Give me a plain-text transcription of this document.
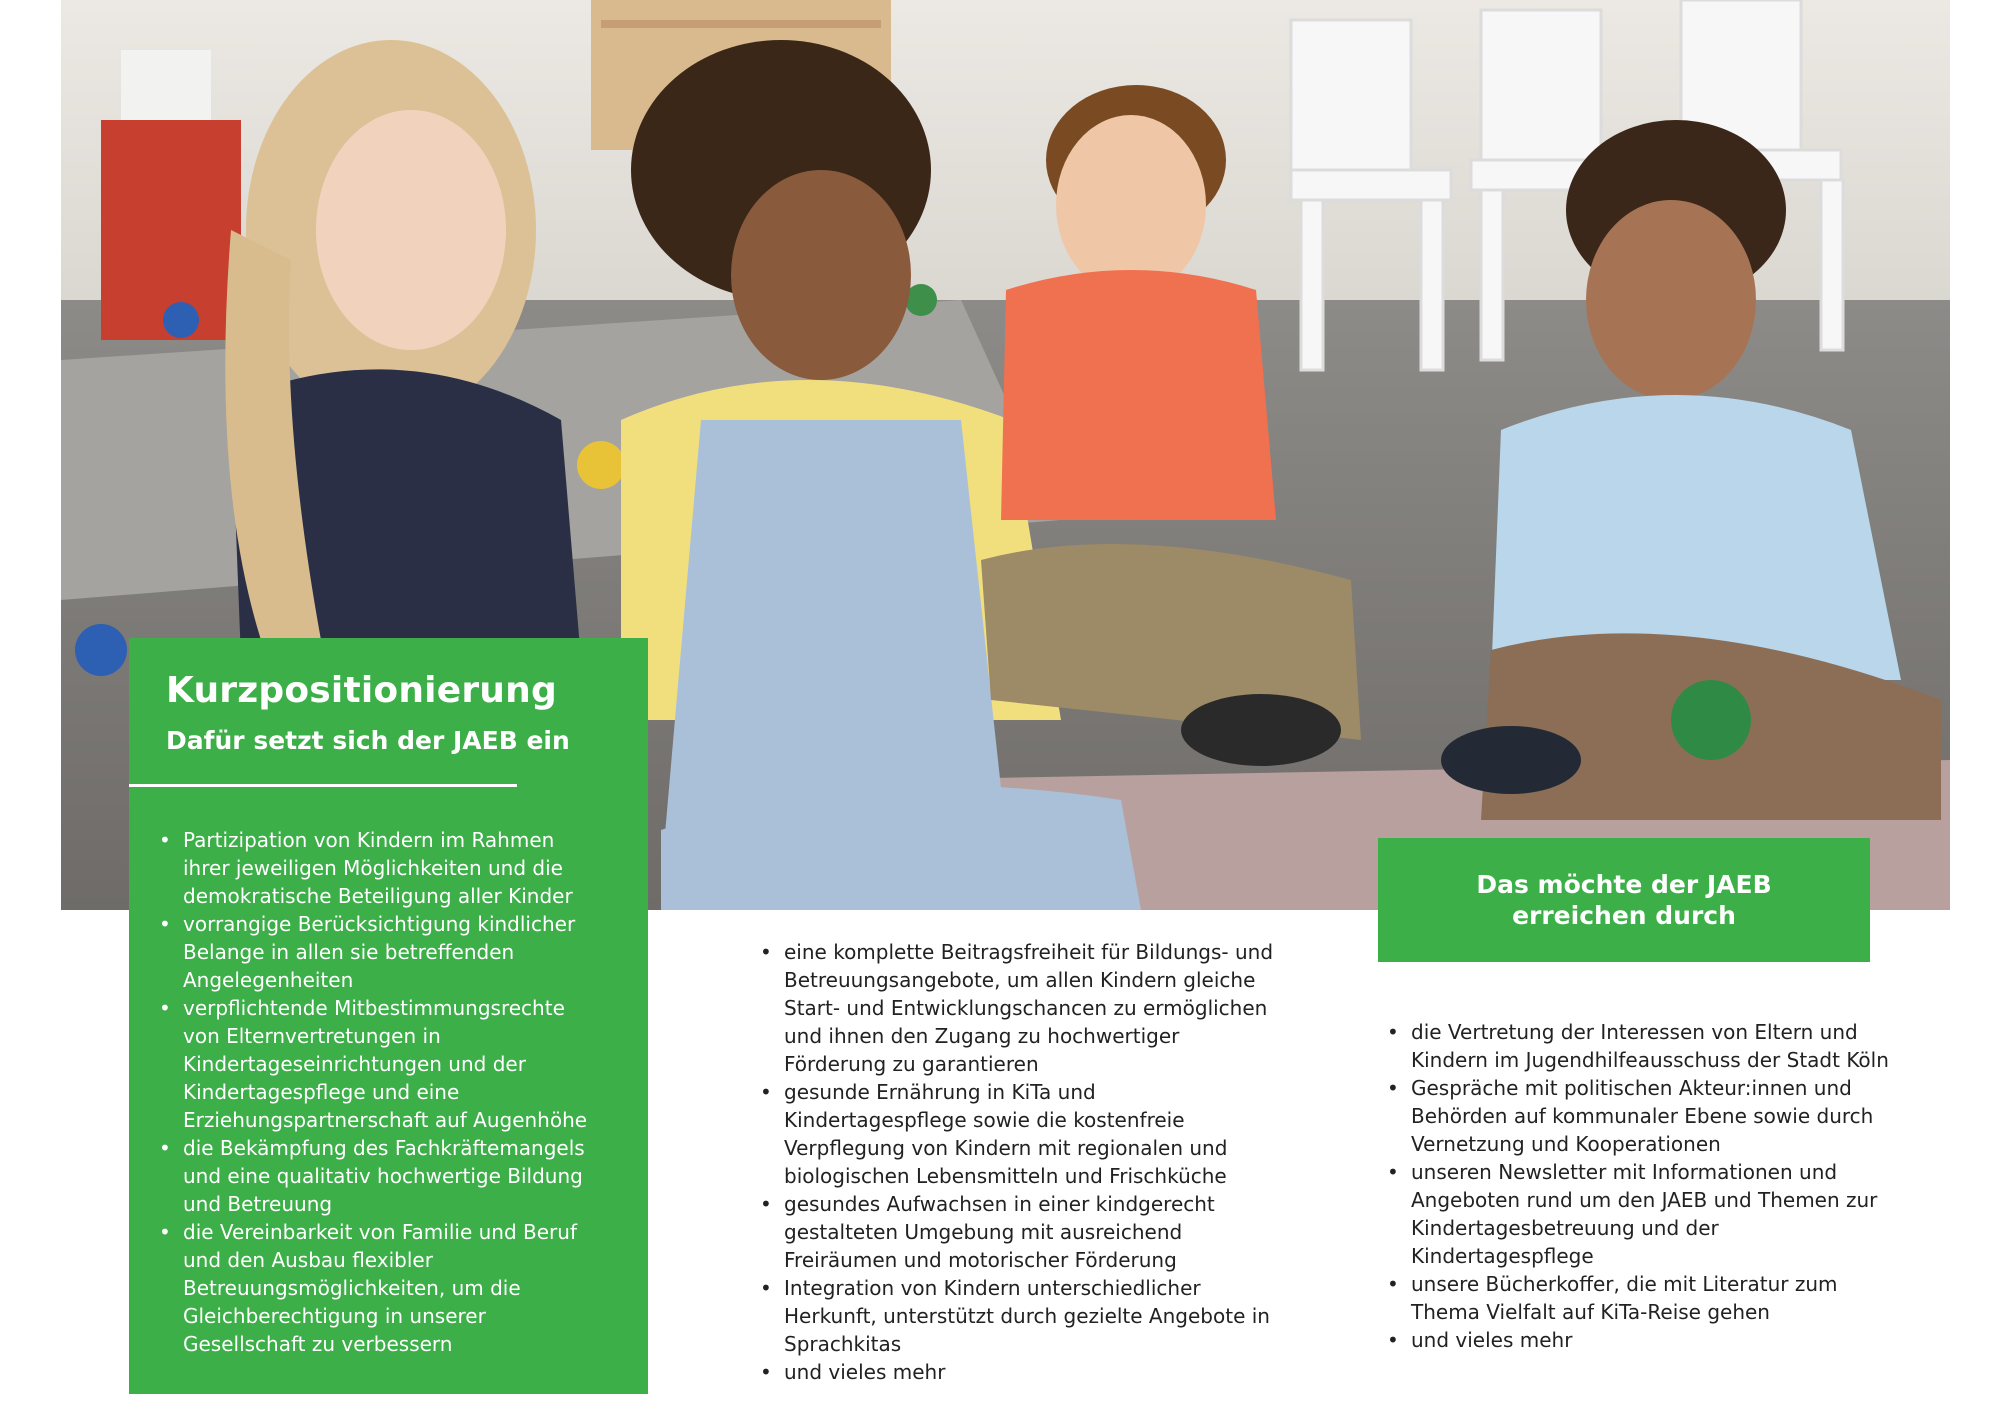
Kurzpositionierung
Dafür setzt sich der JAEB ein
• Partizipation von Kindern im Rahmen ihrer jeweiligen Möglichkeiten und die demokratische Beteiligung aller Kinder
• vorrangige Berücksichtigung kindlicher Belange in allen sie betreffenden Angelegenheiten
• verpflichtende Mitbestimmungsrechte von Elternvertretungen in Kindertageseinrichtungen und der Kindertagespflege und eine Erziehungspartnerschaft auf Augenhöhe
• die Bekämpfung des Fachkräftemangels und eine qualitativ hochwertige Bildung und Betreuung
• die Vereinbarkeit von Familie und Beruf und den Ausbau flexibler Betreuungsmöglichkeiten, um die Gleichberechtigung in unserer Gesellschaft zu verbessern
• eine komplette Beitragsfreiheit für Bildungs- und Betreuungsangebote, um allen Kindern gleiche Start- und Entwicklungschancen zu ermöglichen und ihnen den Zugang zu hochwertiger Förderung zu garantieren
• gesunde Ernährung in KiTa und Kindertagespflege sowie die kostenfreie Verpflegung von Kindern mit regionalen und biologischen Lebensmitteln und Frischküche
• gesundes Aufwachsen in einer kindgerecht gestalteten Umgebung mit ausreichend Freiräumen und motorischer Förderung
• Integration von Kindern unterschiedlicher Herkunft, unterstützt durch gezielte Angebote in Sprachkitas
• und vieles mehr
Das möchte der JAEB erreichen durch
• die Vertretung der Interessen von Eltern und Kindern im Jugendhilfeausschuss der Stadt Köln
• Gespräche mit politischen Akteur:innen und Behörden auf kommunaler Ebene sowie durch Vernetzung und Kooperationen
• unseren Newsletter mit Informationen und Angeboten rund um den JAEB und Themen zur Kindertagesbetreuung und der Kindertagespflege
• unsere Bücherkoffer, die mit Literatur zum Thema Vielfalt auf KiTa-Reise gehen
• und vieles mehr
